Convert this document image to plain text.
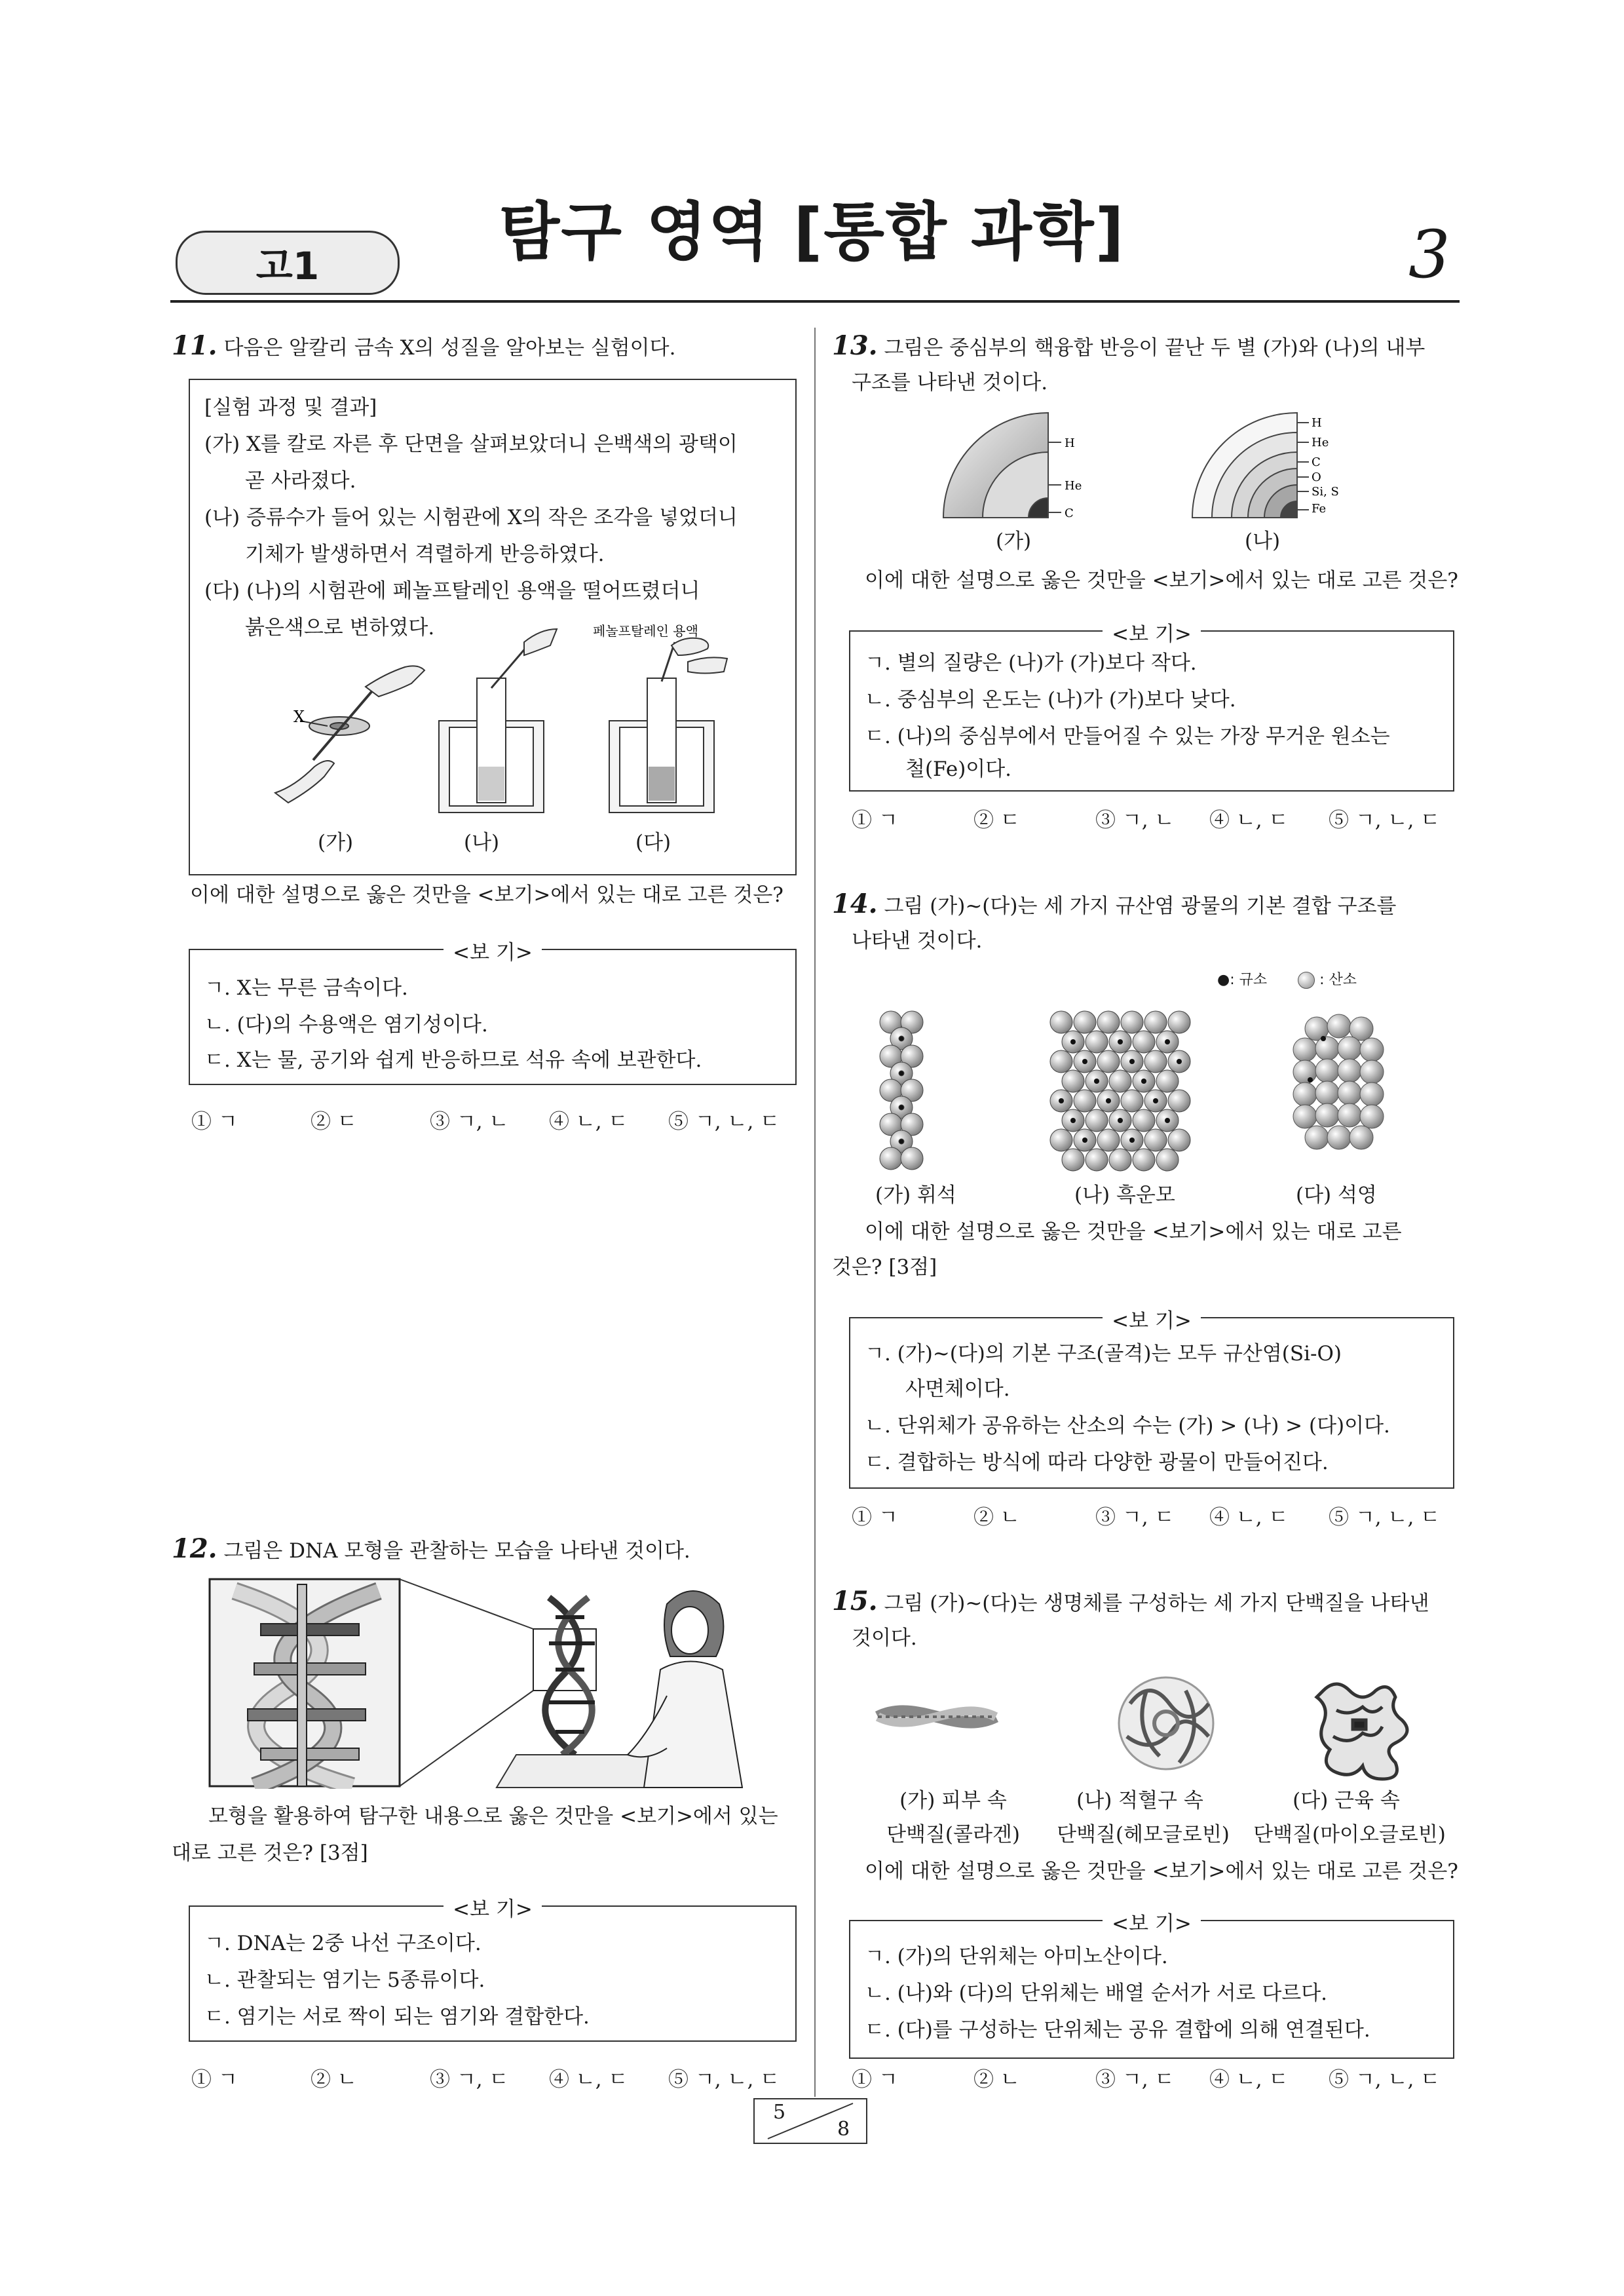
고1	탐구 영역 [통합 과학]	3
11. 다음은 알칼리 금속 X의 성질을 알아보는 실험이다.
[실험 과정 및 결과]
(가) X를 칼로 자른 후 단면을 살펴보았더니 은백색의 광택이
곧 사라졌다.
(나) 증류수가 들어 있는 시험관에 X의 작은 조각을 넣었더니
기체가 발생하면서 격렬하게 반응하였다.
(다) (나)의 시험관에 페놀프탈레인 용액을 떨어뜨렸더니
붉은색으로 변하였다.
X
페놀프탈레인 용액
(가)	(나)	(다)
이에 대한 설명으로 옳은 것만을 <보기>에서 있는 대로 고른 것은?
<보 기>
ㄱ. X는 무른 금속이다.
ㄴ. (다)의 수용액은 염기성이다.
ㄷ. X는 물, 공기와 쉽게 반응하므로 석유 속에 보관한다.
① ㄱ	② ㄷ	③ ㄱ, ㄴ	④ ㄴ, ㄷ	⑤ ㄱ, ㄴ, ㄷ
12. 그림은 DNA 모형을 관찰하는 모습을 나타낸 것이다.
모형을 활용하여 탐구한 내용으로 옳은 것만을 <보기>에서 있는
대로 고른 것은? [3점]
<보 기>
ㄱ. DNA는 2중 나선 구조이다.
ㄴ. 관찰되는 염기는 5종류이다.
ㄷ. 염기는 서로 짝이 되는 염기와 결합한다.
① ㄱ	② ㄴ	③ ㄱ, ㄷ	④ ㄴ, ㄷ	⑤ ㄱ, ㄴ, ㄷ
13. 그림은 중심부의 핵융합 반응이 끝난 두 별 (가)와 (나)의 내부
구조를 나타낸 것이다.
H
He
C
H
He
C
O
Si, S
Fe
(가)	(나)
이에 대한 설명으로 옳은 것만을 <보기>에서 있는 대로 고른 것은?
<보 기>
ㄱ. 별의 질량은 (나)가 (가)보다 작다.
ㄴ. 중심부의 온도는 (나)가 (가)보다 낮다.
ㄷ. (나)의 중심부에서 만들어질 수 있는 가장 무거운 원소는
철(Fe)이다.
① ㄱ	② ㄷ	③ ㄱ, ㄴ	④ ㄴ, ㄷ	⑤ ㄱ, ㄴ, ㄷ
14. 그림 (가)~(다)는 세 가지 규산염 광물의 기본 결합 구조를
나타낸 것이다.
●: 규소	: 산소
(가) 휘석	(나) 흑운모	(다) 석영
이에 대한 설명으로 옳은 것만을 <보기>에서 있는 대로 고른
것은? [3점]
<보 기>
ㄱ. (가)~(다)의 기본 구조(골격)는 모두 규산염(Si-O)
사면체이다.
ㄴ. 단위체가 공유하는 산소의 수는 (가) > (나) > (다)이다.
ㄷ. 결합하는 방식에 따라 다양한 광물이 만들어진다.
① ㄱ	② ㄴ	③ ㄱ, ㄷ	④ ㄴ, ㄷ	⑤ ㄱ, ㄴ, ㄷ
15. 그림 (가)~(다)는 생명체를 구성하는 세 가지 단백질을 나타낸
것이다.
(가) 피부 속	(나) 적혈구 속	(다) 근육 속
단백질(콜라겐)	단백질(헤모글로빈)	단백질(마이오글로빈)
이에 대한 설명으로 옳은 것만을 <보기>에서 있는 대로 고른 것은?
<보 기>
ㄱ. (가)의 단위체는 아미노산이다.
ㄴ. (나)와 (다)의 단위체는 배열 순서가 서로 다르다.
ㄷ. (다)를 구성하는 단위체는 공유 결합에 의해 연결된다.
① ㄱ	② ㄴ	③ ㄱ, ㄷ	④ ㄴ, ㄷ	⑤ ㄱ, ㄴ, ㄷ
5
8
